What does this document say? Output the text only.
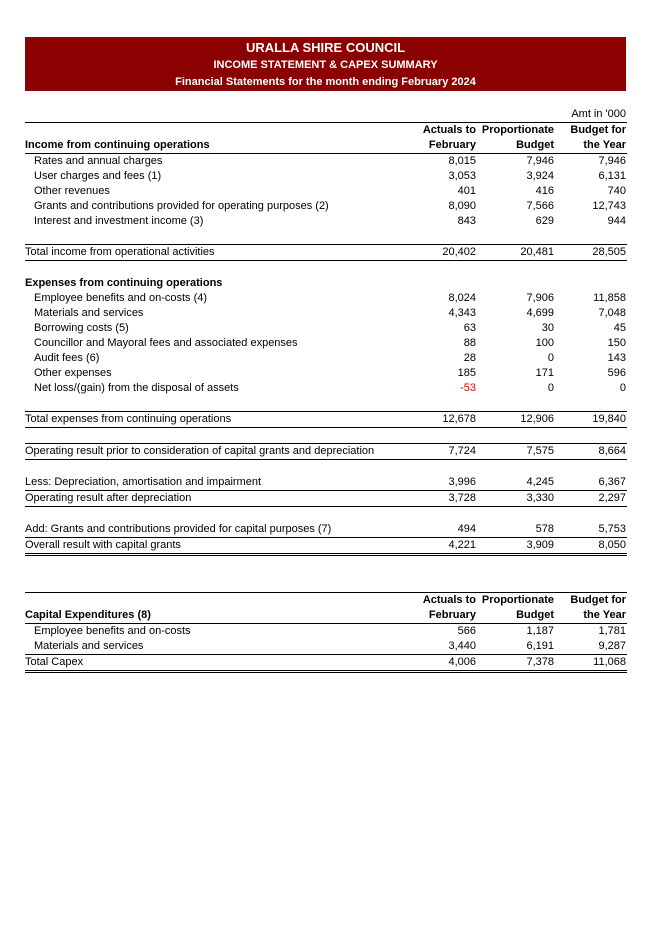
URALLA SHIRE COUNCIL
INCOME STATEMENT & CAPEX SUMMARY
Financial Statements for the month ending February 2024
			Amt in '000
	Actuals to	Proportionate	Budget for
Income from continuing operations	February	Budget	the Year
Rates and annual charges	8,015	7,946	7,946
User charges and fees (1)	3,053	3,924	6,131
Other revenues	401	416	740
Grants and contributions provided for operating purposes (2)	8,090	7,566	12,743
Interest and investment income (3)	843	629	944

Total income from operational activities	20,402	20,481	28,505

Expenses from continuing operations			
Employee benefits and on-costs (4)	8,024	7,906	11,858
Materials and services	4,343	4,699	7,048
Borrowing costs (5)	63	30	45
Councillor and Mayoral fees and associated expenses	88	100	150
Audit fees (6)	28	0	143
Other expenses	185	171	596
Net loss/(gain) from the disposal of assets	-53	0	0

Total expenses from continuing operations	12,678	12,906	19,840

Operating result prior to consideration of capital grants and depreciation	7,724	7,575	8,664

Less: Depreciation, amortisation and impairment	3,996	4,245	6,367
Operating result after depreciation	3,728	3,330	2,297

Add: Grants and contributions provided for capital purposes (7)	494	578	5,753
Overall result with capital grants	4,221	3,909	8,050
	Actuals to	Proportionate	Budget for
Capital Expenditures (8)	February	Budget	the Year
Employee benefits and on-costs	566	1,187	1,781
Materials and services	3,440	6,191	9,287
Total Capex	4,006	7,378	11,068
